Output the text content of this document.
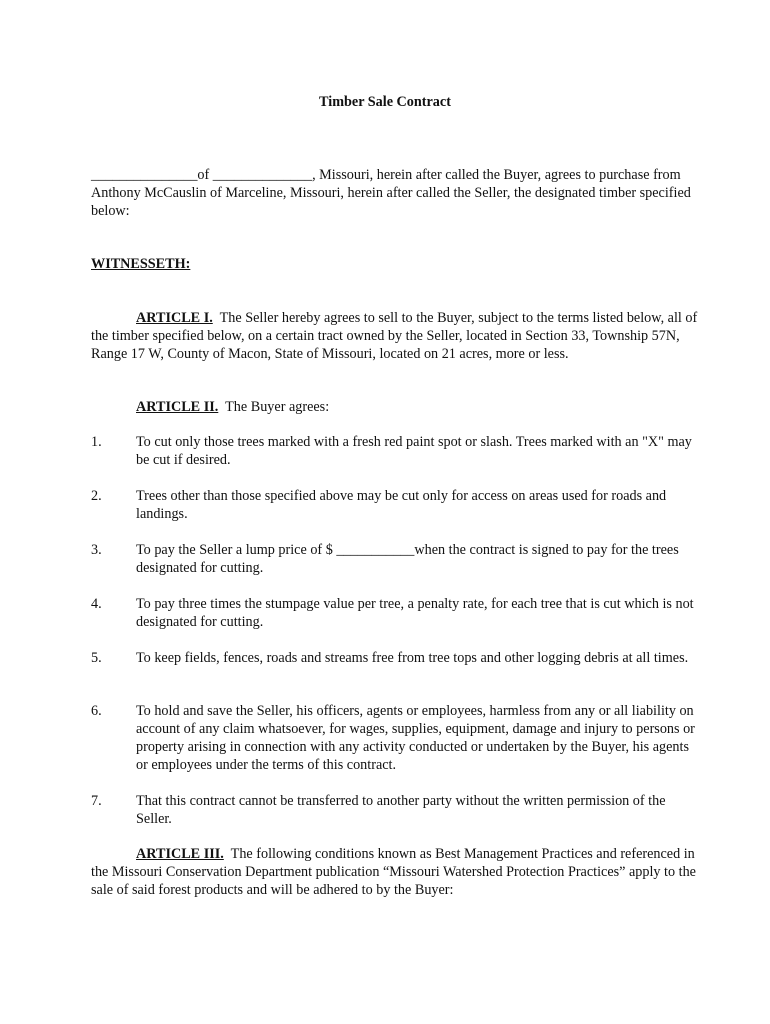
Timber Sale Contract

_______________of ______________, Missouri, herein after called the Buyer, agrees to purchase from Anthony McCauslin of Marceline, Missouri, herein after called the Seller, the designated timber specified below:

WITNESSETH:

ARTICLE I. The Seller hereby agrees to sell to the Buyer, subject to the terms listed below, all of the timber specified below, on a certain tract owned by the Seller, located in Section 33, Township 57N, Range 17 W, County of Macon, State of Missouri, located on 21 acres, more or less.

ARTICLE II. The Buyer agrees:

1.	To cut only those trees marked with a fresh red paint spot or slash. Trees marked with an "X" may be cut if desired.
2.	Trees other than those specified above may be cut only for access on areas used for roads and landings.
3.	To pay the Seller a lump price of $ ___________when the contract is signed to pay for the trees designated for cutting.
4.	To pay three times the stumpage value per tree, a penalty rate, for each tree that is cut which is not designated for cutting.
5.	To keep fields, fences, roads and streams free from tree tops and other logging debris at all times.
6.	To hold and save the Seller, his officers, agents or employees, harmless from any or all liability on account of any claim whatsoever, for wages, supplies, equipment, damage and injury to persons or property arising in connection with any activity conducted or undertaken by the Buyer, his agents or employees under the terms of this contract.
7.	That this contract cannot be transferred to another party without the written permission of the Seller.

ARTICLE III. The following conditions known as Best Management Practices and referenced in the Missouri Conservation Department publication “Missouri Watershed Protection Practices” apply to the sale of said forest products and will be adhered to by the Buyer:
